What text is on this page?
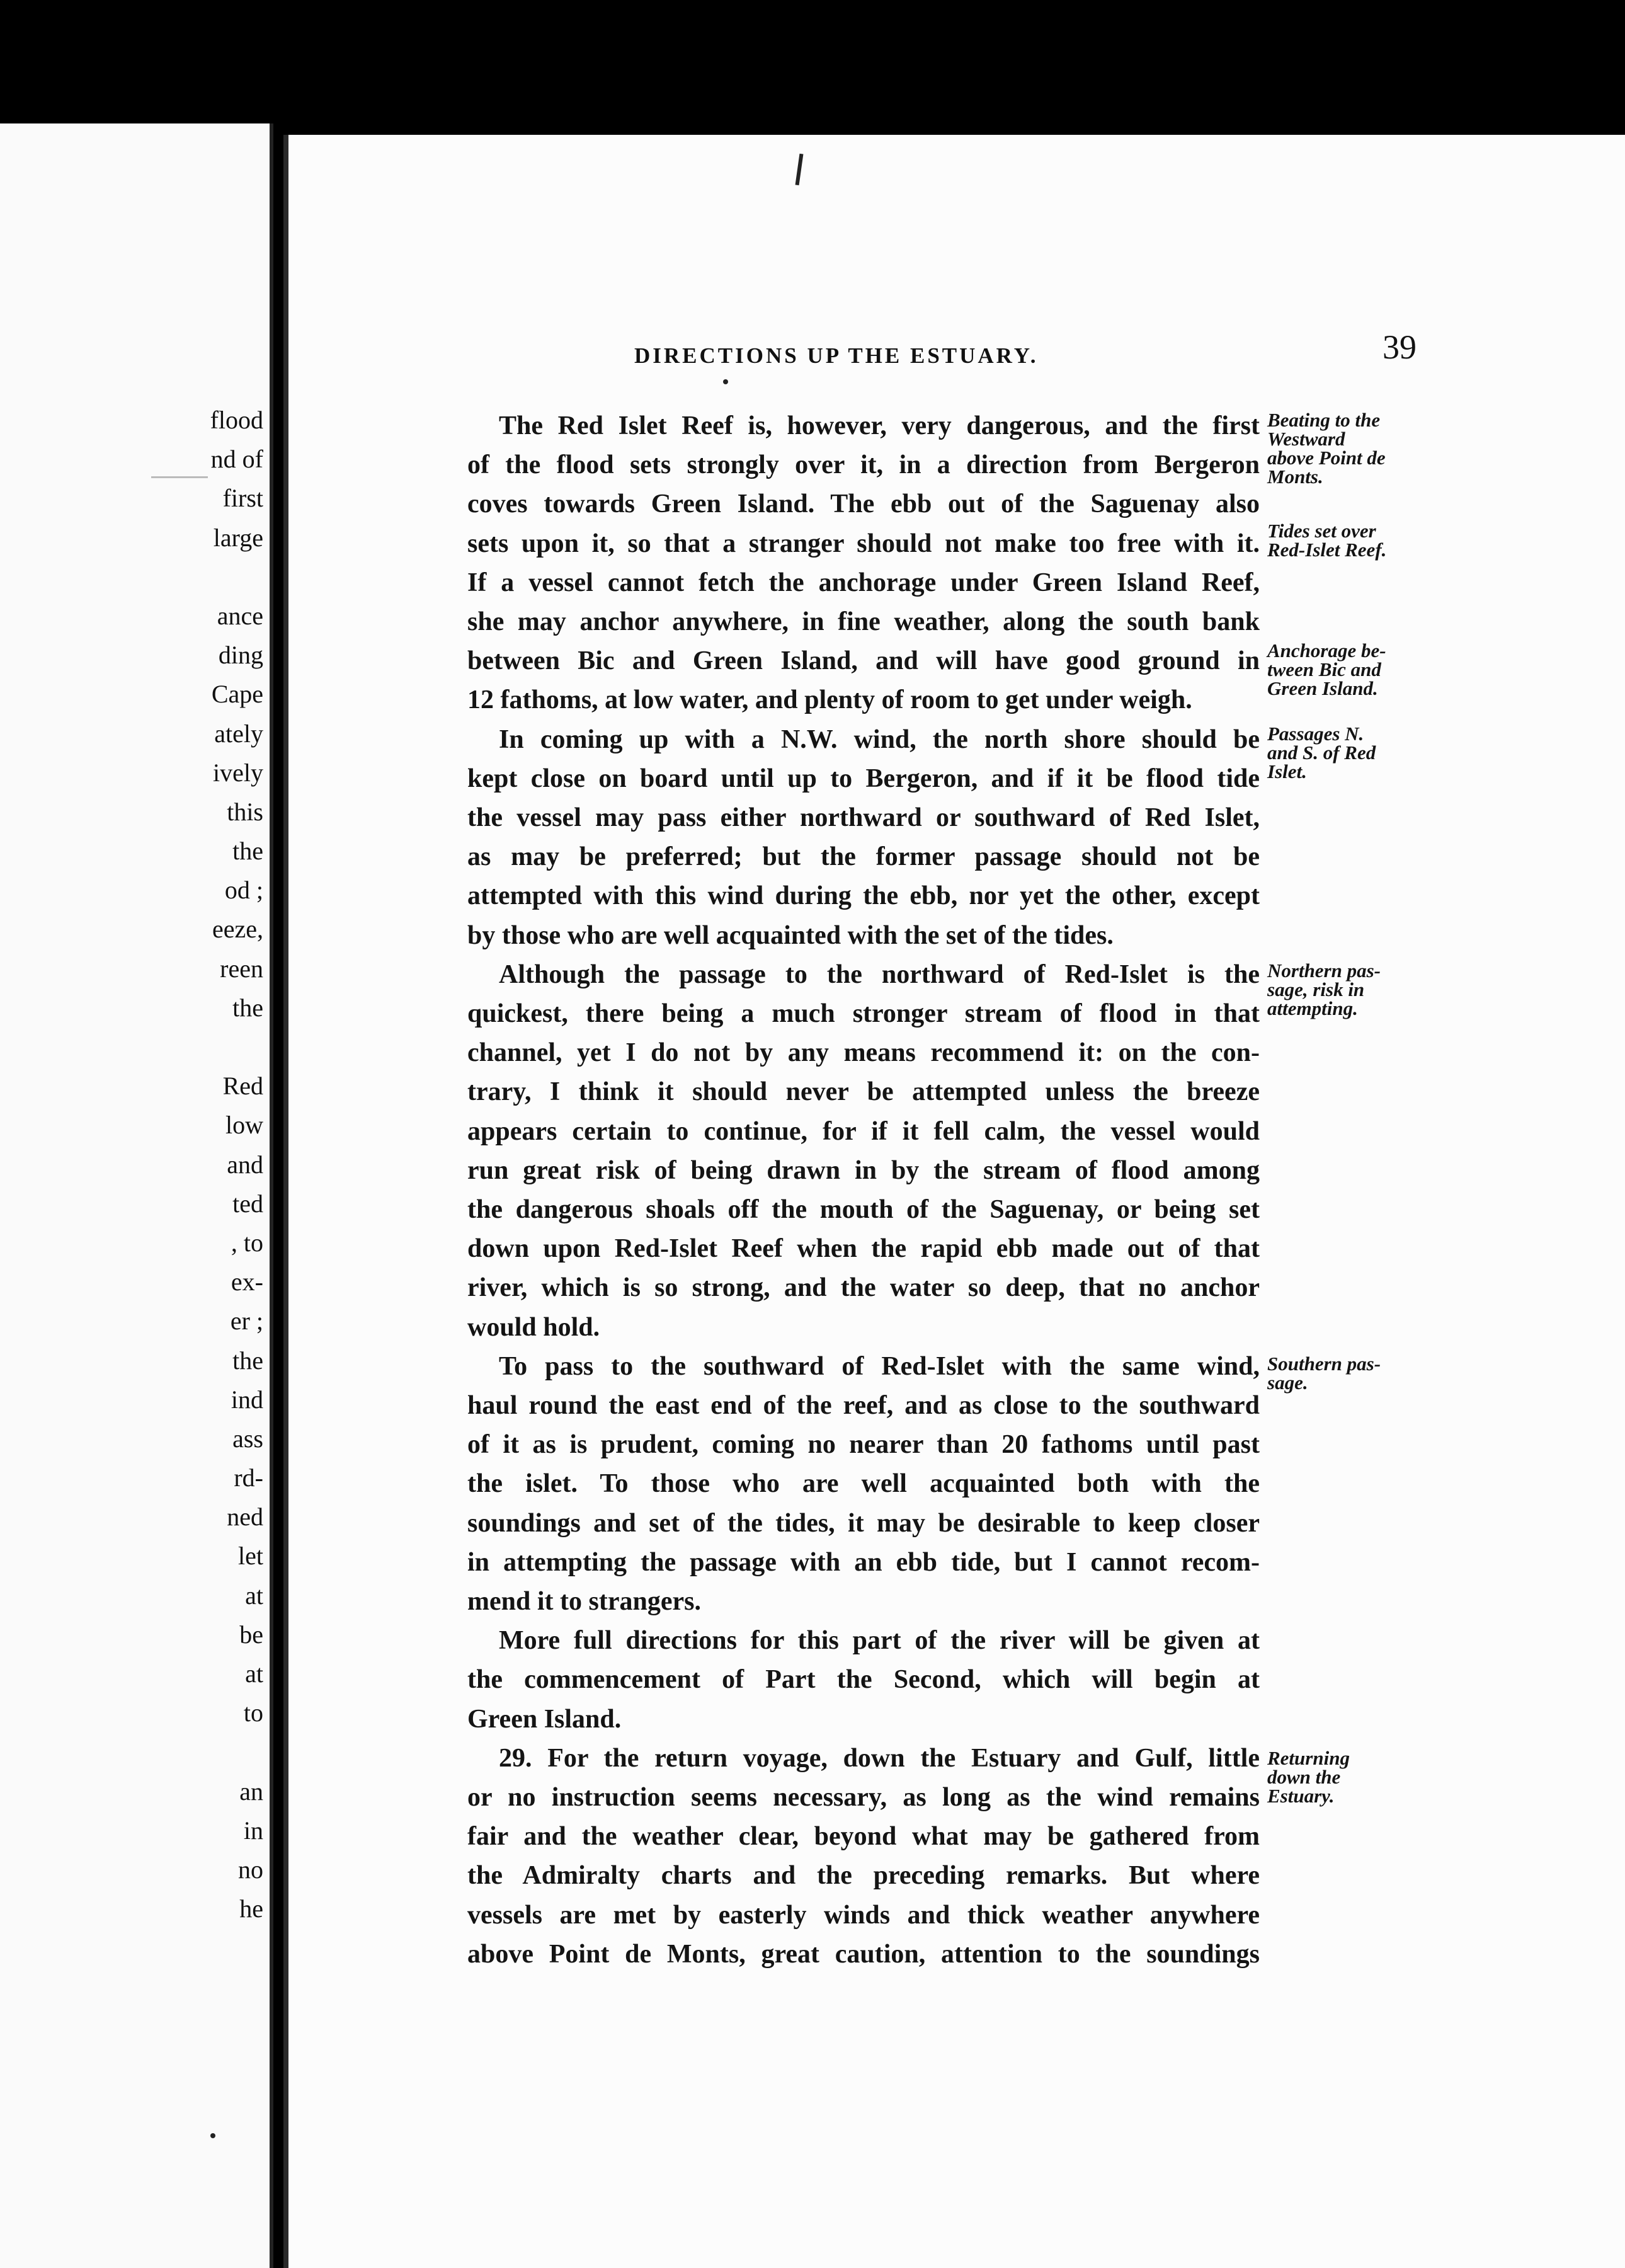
flood
nd of
first
large
ance
ding
Cape
ately
ively
this
the
od ;
eeze,
reen
the
Red
low
and
ted
, to
ex-
er ;
the
ind
ass
rd-
ned
let
at
be
at
to
an
in
no
he
DIRECTIONS UP THE ESTUARY.	39
The Red Islet Reef is, however, very dangerous, and the first
of the flood sets strongly over it, in a direction from Bergeron
coves towards Green Island. The ebb out of the Saguenay also
sets upon it, so that a stranger should not make too free with it.
If a vessel cannot fetch the anchorage under Green Island Reef,
she may anchor anywhere, in fine weather, along the south bank
between Bic and Green Island, and will have good ground in
12 fathoms, at low water, and plenty of room to get under weigh.
In coming up with a N.W. wind, the north shore should be
kept close on board until up to Bergeron, and if it be flood tide
the vessel may pass either northward or southward of Red Islet,
as may be preferred; but the former passage should not be
attempted with this wind during the ebb, nor yet the other, except
by those who are well acquainted with the set of the tides.
Although the passage to the northward of Red-Islet is the
quickest, there being a much stronger stream of flood in that
channel, yet I do not by any means recommend it: on the con-
trary, I think it should never be attempted unless the breeze
appears certain to continue, for if it fell calm, the vessel would
run great risk of being drawn in by the stream of flood among
the dangerous shoals off the mouth of the Saguenay, or being set
down upon Red-Islet Reef when the rapid ebb made out of that
river, which is so strong, and the water so deep, that no anchor
would hold.
To pass to the southward of Red-Islet with the same wind,
haul round the east end of the reef, and as close to the southward
of it as is prudent, coming no nearer than 20 fathoms until past
the islet. To those who are well acquainted both with the
soundings and set of the tides, it may be desirable to keep closer
in attempting the passage with an ebb tide, but I cannot recom-
mend it to strangers.
More full directions for this part of the river will be given at
the commencement of Part the Second, which will begin at
Green Island.
29. For the return voyage, down the Estuary and Gulf, little
or no instruction seems necessary, as long as the wind remains
fair and the weather clear, beyond what may be gathered from
the Admiralty charts and the preceding remarks. But where
vessels are met by easterly winds and thick weather anywhere
above Point de Monts, great caution, attention to the soundings
Beating to the
Westward
above Point de
Monts.
Tides set over
Red-Islet Reef.
Anchorage be-
tween Bic and
Green Island.
Passages N.
and S. of Red
Islet.
Northern pas-
sage, risk in
attempting.
Southern pas-
sage.
Returning
down the
Estuary.
